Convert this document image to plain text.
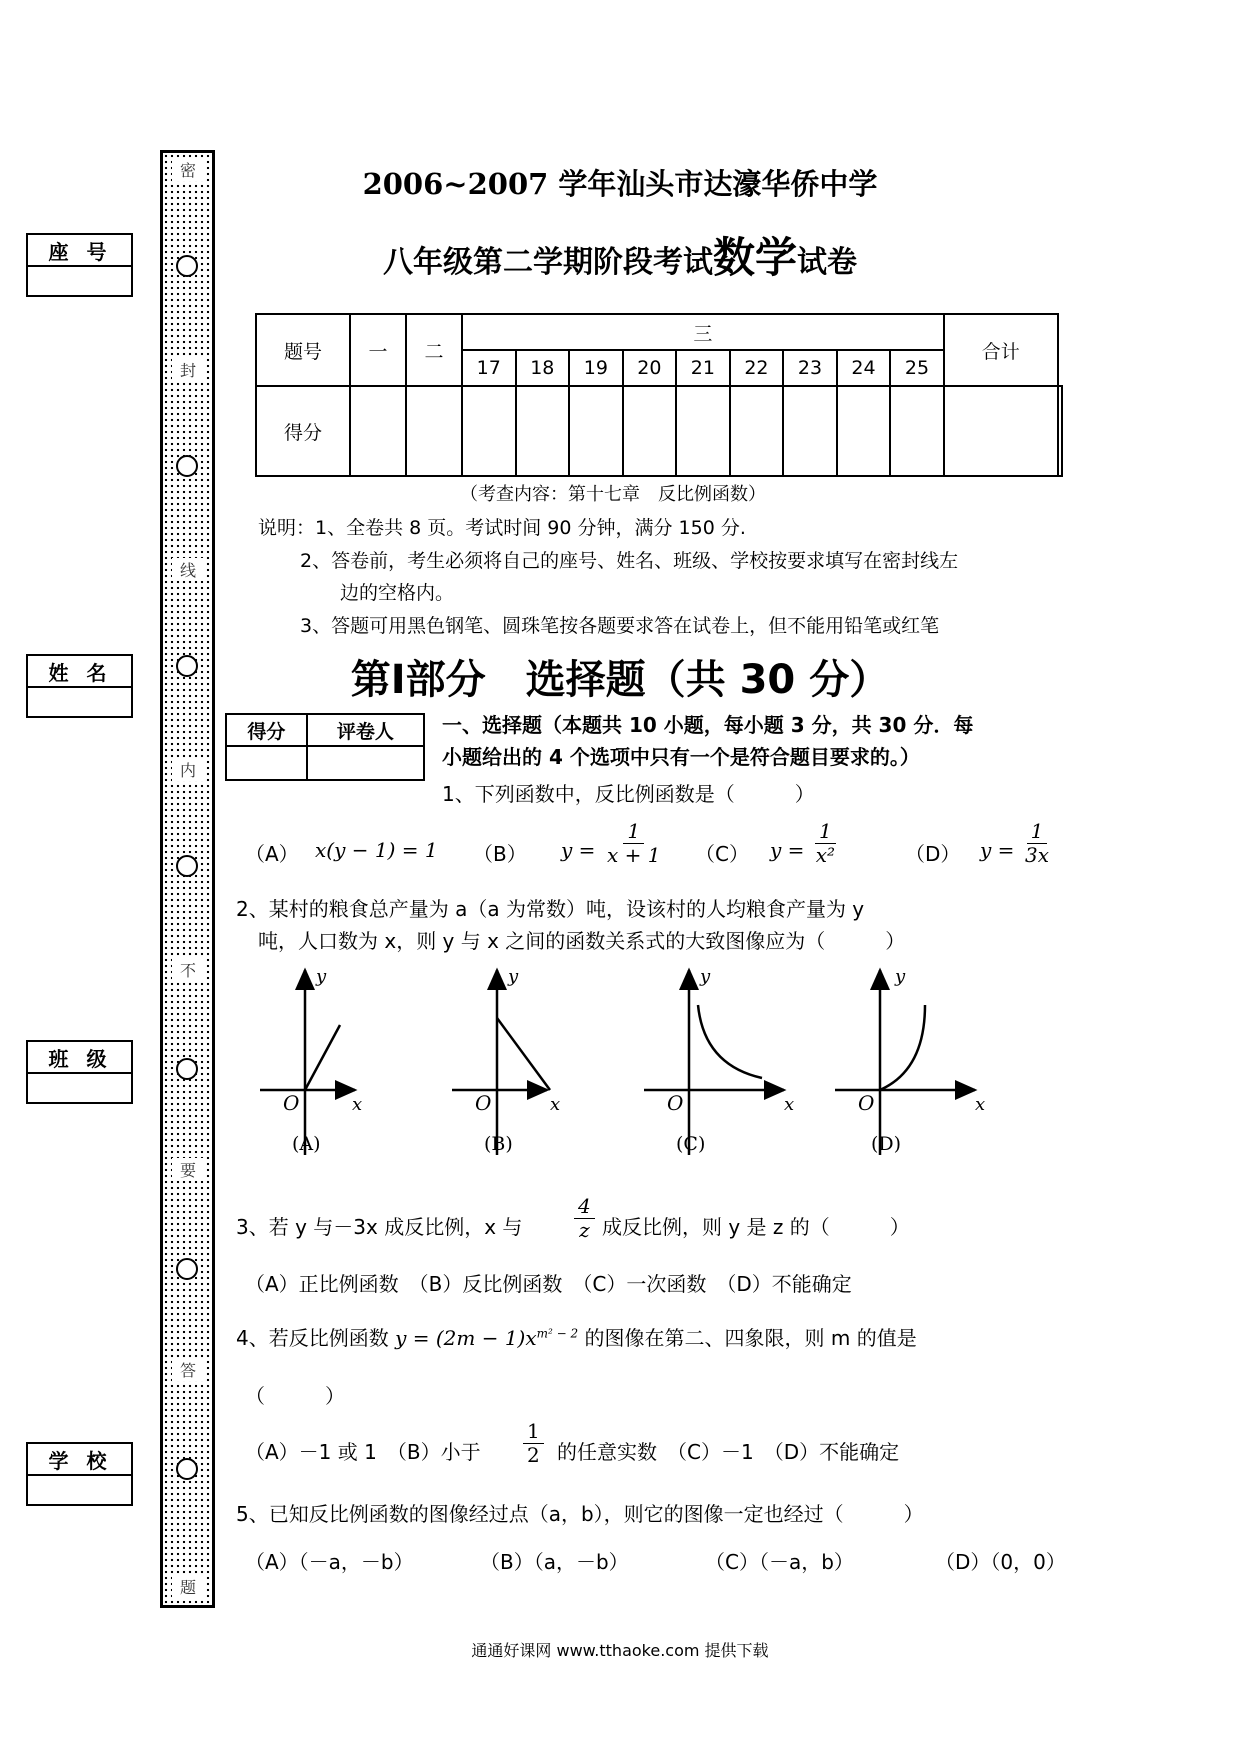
座号
姓名
班级
学校
密
封
线
内
不
要
答
题
2006~2007 学年汕头市达濠华侨中学
八年级第二学期阶段考试数学试卷
题号	一	二	三									合计	
			17	18	19	20	21	22	23	24	25		
得分													
（考查内容：第十七章　反比例函数）
说明：1、全卷共 8 页。考试时间 90 分钟，满分 150 分.
2、答卷前，考生必须将自己的座号、姓名、班级、学校按要求填写在密封线左
边的空格内。
3、答题可用黑色钢笔、圆珠笔按各题要求答在试卷上，但不能用铅笔或红笔
第Ⅰ部分　选择题（共 30 分）
得分	评卷人
	一、选择题（本题共 10 小题，每小题 3 分，共 30 分．每
小题给出的 4 个选项中只有一个是符合题目要求的。）
1、下列函数中，反比例函数是（　　　）
（A） x(y − 1) = 1 （B） $y = \frac{1}{x + 1} (C) y = \frac{1}{\text{x²}}$	（D） $y = \frac{1}{3x}$
2、某村的粮食总产量为 a（a 为常数）吨，设该村的人均粮食产量为 y
吨，人口数为 x，则 y 与 x 之间的函数关系式的大致图像应为（　　　）
y
x
O
(A)
y
x
O
(B)
y
x
O
(C)
y
x
O
(D)
3、若 y 与－3x 成反比例，x 与	$\frac{4}{z}$ 成反比例，则 y 是 z 的（　　　）
（A）正比例函数　（B）反比例函数　（C）一次函数　（D）不能确定
4、若反比例函数 $y = (2m - 1)x^{m^2 - 2}$ 的图像在第二、四象限，则 m 的值是
（　　　）
（A）－1 或 1　（B）小于 $\frac{1}{2}$ 的任意实数　（C）－1　（D）不能确定
5、已知反比例函数的图像经过点（a，b），则它的图像一定也经过（　　　）
（A）（－a，－b）	（B）（a，－b）	（C）（－a，b）	（D）（0，0）
通通好课网 www.tthaoke.com 提供下载
